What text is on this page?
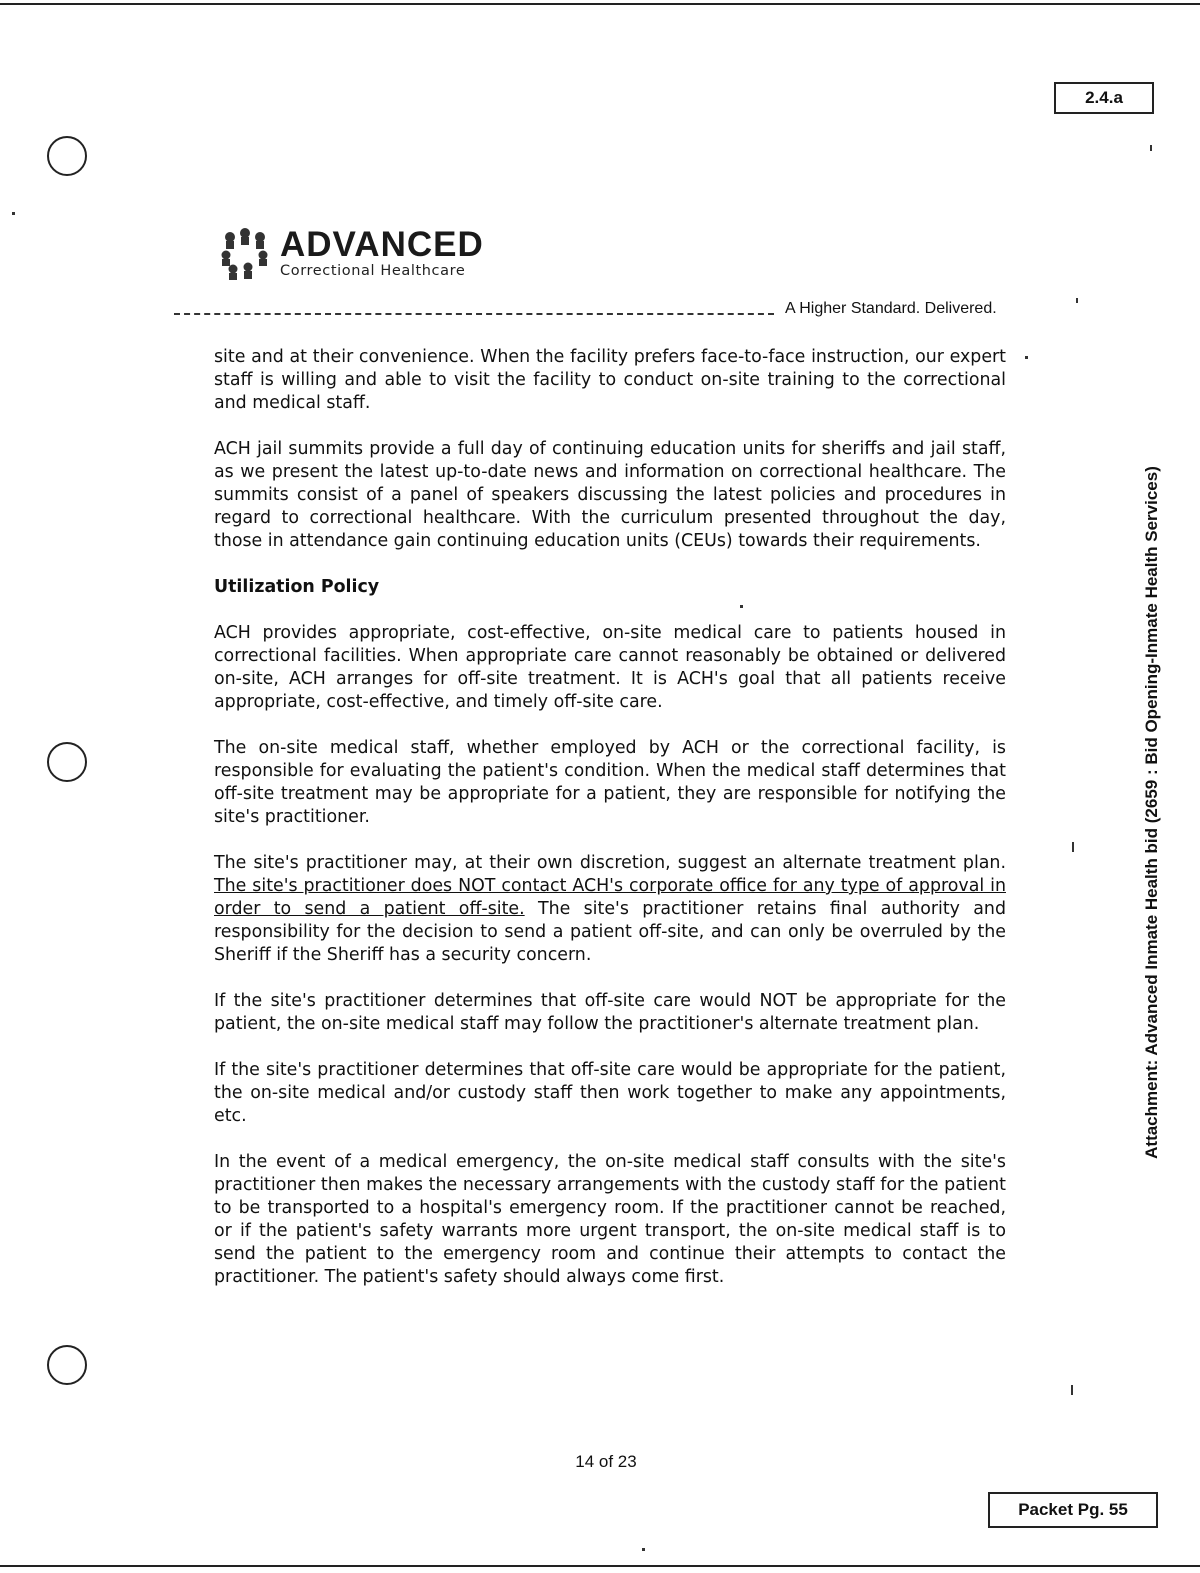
2.4.a
ADVANCED
Correctional Healthcare
A Higher Standard. Delivered.

site and at their convenience. When the facility prefers face-to-face instruction, our expert staff is willing and able to visit the facility to conduct on-site training to the correctional and medical staff.

ACH jail summits provide a full day of continuing education units for sheriffs and jail staff, as we present the latest up-to-date news and information on correctional healthcare. The summits consist of a panel of speakers discussing the latest policies and procedures in regard to correctional healthcare. With the curriculum presented throughout the day, those in attendance gain continuing education units (CEUs) towards their requirements.

Utilization Policy

ACH provides appropriate, cost-effective, on-site medical care to patients housed in correctional facilities. When appropriate care cannot reasonably be obtained or delivered on-site, ACH arranges for off-site treatment. It is ACH's goal that all patients receive appropriate, cost-effective, and timely off-site care.

The on-site medical staff, whether employed by ACH or the correctional facility, is responsible for evaluating the patient's condition. When the medical staff determines that off-site treatment may be appropriate for a patient, they are responsible for notifying the site's practitioner.

The site's practitioner may, at their own discretion, suggest an alternate treatment plan. The site's practitioner does NOT contact ACH's corporate office for any type of approval in order to send a patient off-site. The site's practitioner retains final authority and responsibility for the decision to send a patient off-site, and can only be overruled by the Sheriff if the Sheriff has a security concern.

If the site's practitioner determines that off-site care would NOT be appropriate for the patient, the on-site medical staff may follow the practitioner's alternate treatment plan.

If the site's practitioner determines that off-site care would be appropriate for the patient, the on-site medical and/or custody staff then work together to make any appointments, etc.

In the event of a medical emergency, the on-site medical staff consults with the site's practitioner then makes the necessary arrangements with the custody staff for the patient to be transported to a hospital's emergency room. If the practitioner cannot be reached, or if the patient's safety warrants more urgent transport, the on-site medical staff is to send the patient to the emergency room and continue their attempts to contact the practitioner. The patient's safety should always come first.

Attachment: Advanced Inmate Health bid (2659 : Bid Opening-Inmate Health Services)
14 of 23
Packet Pg. 55
